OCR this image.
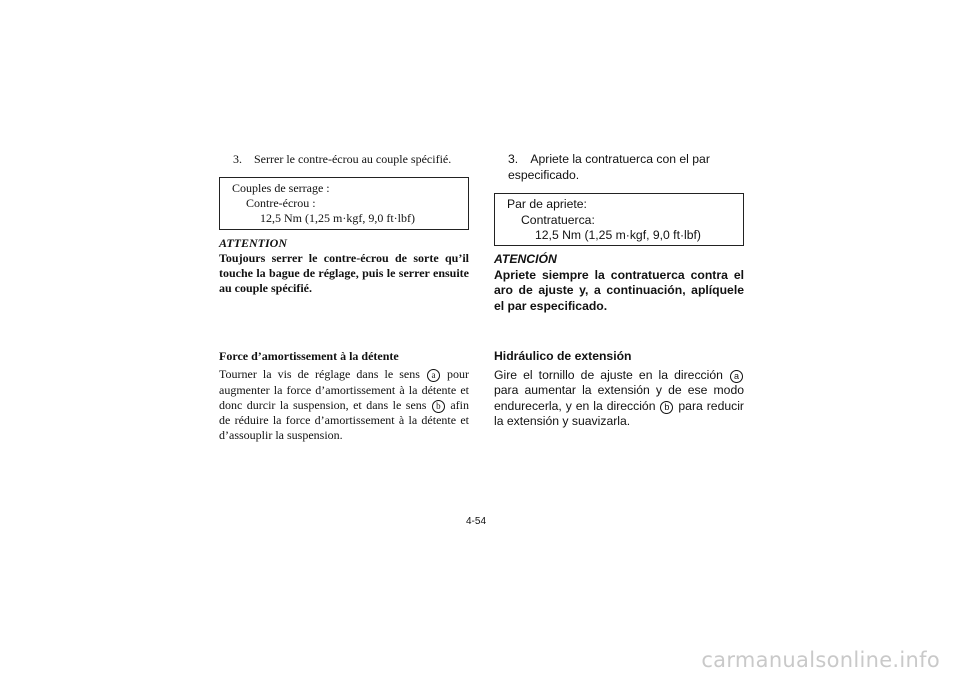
3. Serrer le contre-écrou au couple spécifié.
Couples de serrage :
Contre-écrou :
12,5 Nm (1,25 m·kgf, 9,0 ft·lbf)
ATTENTION
Toujours serrer le contre-écrou de sorte qu’il touche la bague de réglage, puis le serrer ensuite au couple spécifié.
Force d’amortissement à la détente
Tourner la vis de réglage dans le sens a pour augmenter la force d’amortissement à la détente et donc durcir la suspension, et dans le sens b afin de réduire la force d’amortissement à la détente et d’assouplir la suspension.
3. Apriete la contratuerca con el par especificado.
Par de apriete:
Contratuerca:
12,5 Nm (1,25 m·kgf, 9,0 ft·lbf)
ATENCIÓN
Apriete siempre la contratuerca contra el aro de ajuste y, a continuación, aplíquele el par especificado.
Hidráulico de extensión
Gire el tornillo de ajuste en la dirección a para aumentar la extensión y de ese modo endurecerla, y en la dirección b para reducir la extensión y suavizarla.
4-54
carmanualsonline.info
